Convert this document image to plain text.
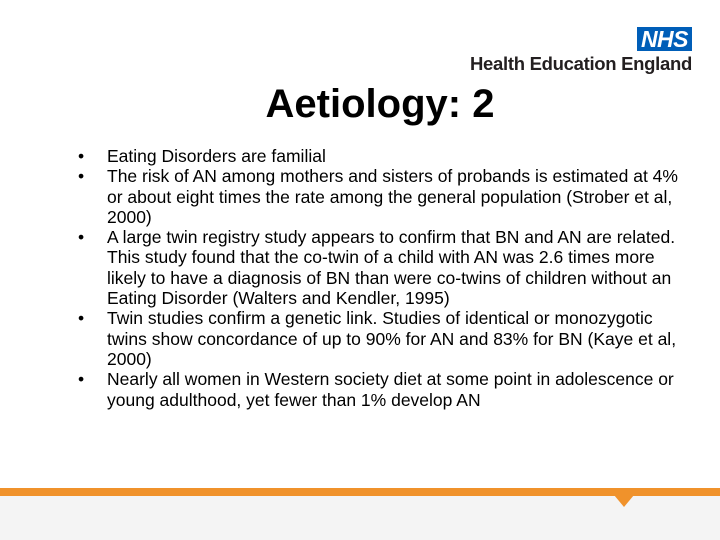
NHS
Health Education England
Aetiology: 2
• Eating Disorders are familial
• The risk of AN among mothers and sisters of probands is estimated at 4% or about eight times the rate among the general population (Strober et al, 2000)
• A large twin registry study appears to confirm that BN and AN are related. This study found that the co-twin of a child with AN was 2.6 times more likely to have a diagnosis of BN than were co-twins of children without an Eating Disorder (Walters and Kendler, 1995)
• Twin studies confirm a genetic link. Studies of identical or monozygotic twins show concordance of up to 90% for AN and 83% for BN (Kaye et al, 2000)
• Nearly all women in Western society diet at some point in adolescence or young adulthood, yet fewer than 1% develop AN
